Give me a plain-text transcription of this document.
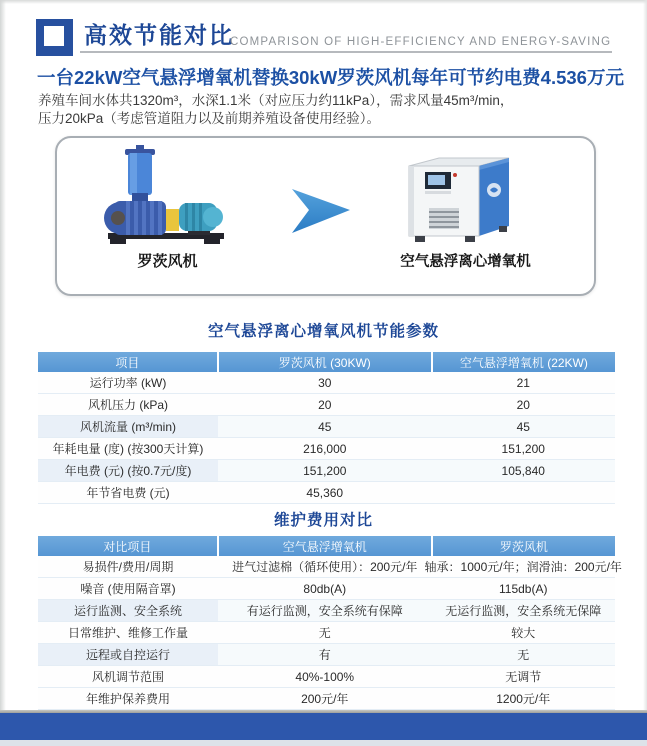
高效节能对比
COMPARISON OF HIGH-EFFICIENCY AND ENERGY-SAVING
一台22kW空气悬浮增氧机替换30kW罗茨风机每年可节约电费4.536万元
养殖车间水体共1320m³，水深1.1米（对应压力约11kPa），需求风量45m³/min，
压力20kPa（考虑管道阻力以及前期养殖设备使用经验）。
罗茨风机	空气悬浮离心增氧机
空气悬浮离心增氧风机节能参数
项目	罗茨风机 (30KW)	空气悬浮增氧机 (22KW)
运行功率 (kW)	30	21
风机压力 (kPa)	20	20
风机流量 (m³/min)	45	45
年耗电量 (度) (按300天计算)	216,000	151,200
年电费 (元) (按0.7元/度)	151,200	105,840
年节省电费 (元)	45,360
维护费用对比
对比项目	空气悬浮增氧机	罗茨风机
易损件/费用/周期	进气过滤棉（循环使用）：200元/年 轴承：1000元/年；润滑油：200元/年
噪音 (使用隔音罩)	80db(A)	115db(A)
运行监测、安全系统	有运行监测，安全系统有保障	无运行监测，安全系统无保障
日常维护、维修工作量	无	较大
远程或自控运行	有	无
风机调节范围	40%-100%	无调节
年维护保养费用	200元/年	1200元/年
